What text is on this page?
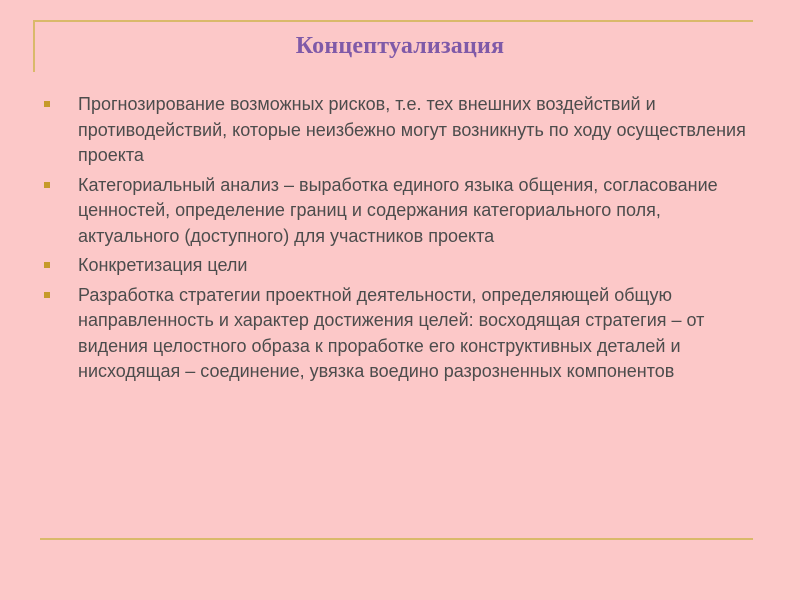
Концептуализация
Прогнозирование возможных рисков, т.е. тех внешних воздействий и противодействий, которые неизбежно могут возникнуть по ходу осуществления проекта
Категориальный анализ – выработка единого языка общения, согласование ценностей, определение границ и содержания категориального поля, актуального (доступного) для участников проекта
Конкретизация цели
Разработка стратегии проектной деятельности, определяющей общую направленность и характер достижения целей: восходящая стратегия – от видения целостного образа к проработке его конструктивных деталей и нисходящая – соединение, увязка воедино разрозненных компонентов
